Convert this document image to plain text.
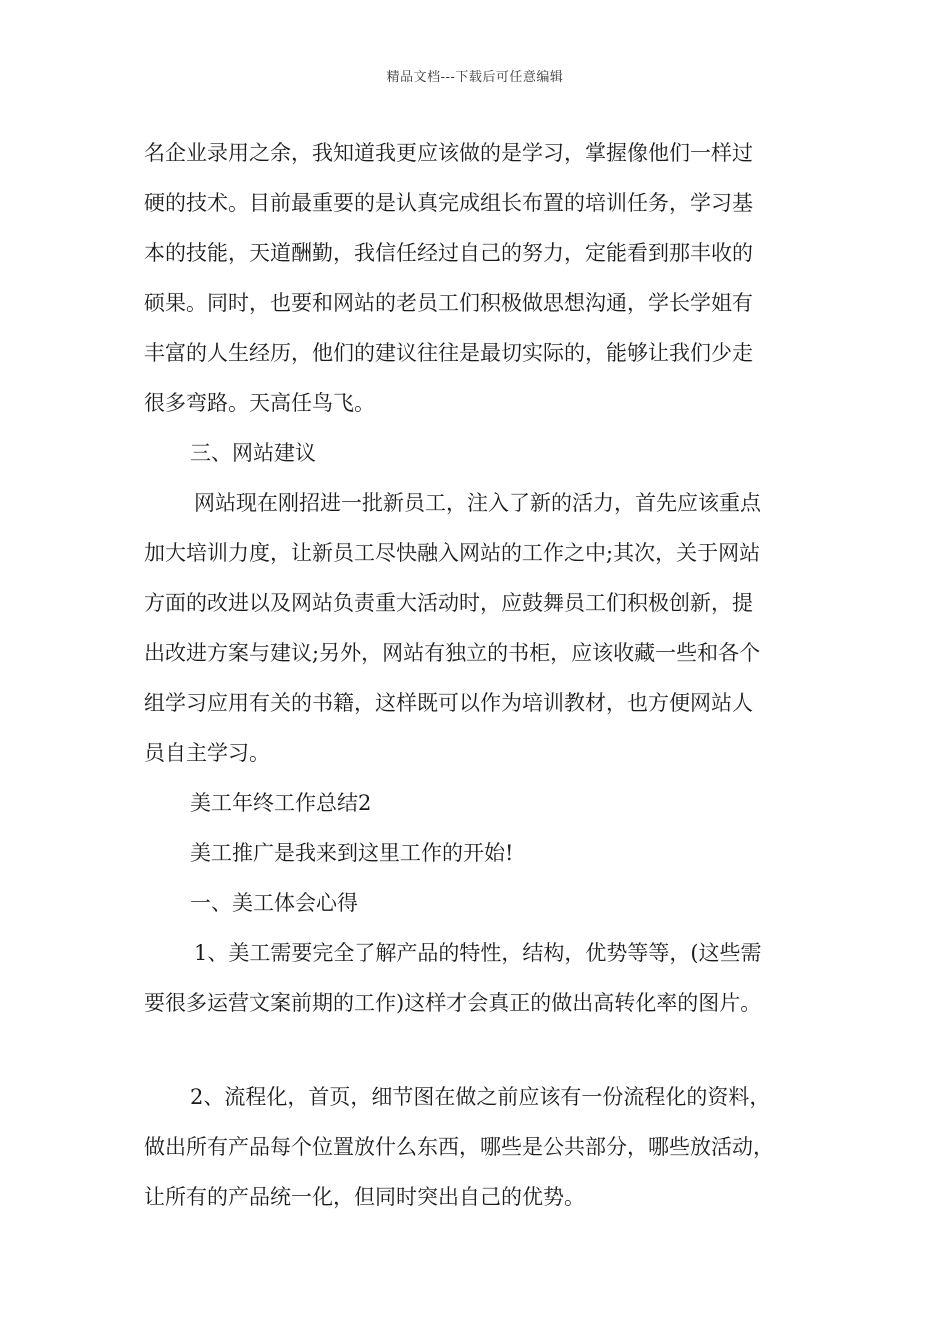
精品文档---下载后可任意编辑
名企业录用之余，我知道我更应该做的是学习，掌握像他们一样过
硬的技术。目前最重要的是认真完成组长布置的培训任务，学习基
本的技能，天道酬勤，我信任经过自己的努力，定能看到那丰收的
硕果。同时，也要和网站的老员工们积极做思想沟通，学长学姐有
丰富的人生经历，他们的建议往往是最切实际的，能够让我们少走
很多弯路。天高任鸟飞。
三、网站建议
网站现在刚招进一批新员工，注入了新的活力，首先应该重点
加大培训力度，让新员工尽快融入网站的工作之中;其次，关于网站
方面的改进以及网站负责重大活动时，应鼓舞员工们积极创新，提
出改进方案与建议;另外，网站有独立的书柜，应该收藏一些和各个
组学习应用有关的书籍，这样既可以作为培训教材，也方便网站人
员自主学习。
美工年终工作总结2
美工推广是我来到这里工作的开始!
一、美工体会心得
1、美工需要完全了解产品的特性，结构，优势等等，(这些需
要很多运营文案前期的工作)这样才会真正的做出高转化率的图片。
2、流程化，首页，细节图在做之前应该有一份流程化的资料，
做出所有产品每个位置放什么东西，哪些是公共部分，哪些放活动，
让所有的产品统一化，但同时突出自己的优势。
